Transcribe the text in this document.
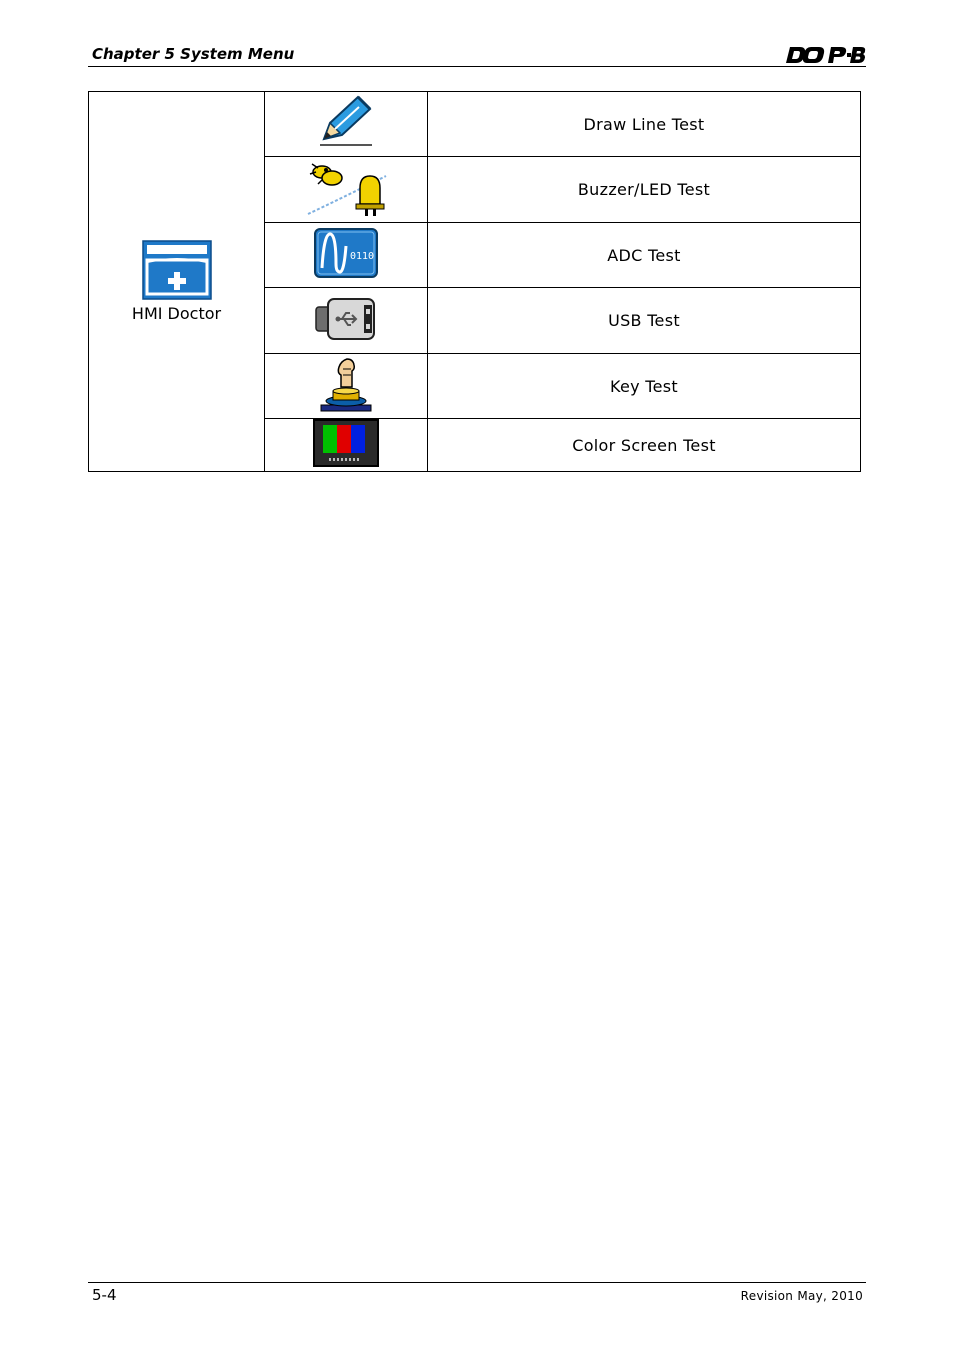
Chapter 5 System Menu
HMI Doctor		Draw Line Test
	Buzzer/LED Test

0110	ADC Test
	USB Test
	Key Test
	Color Screen Test
5-4	Revision May, 2010
